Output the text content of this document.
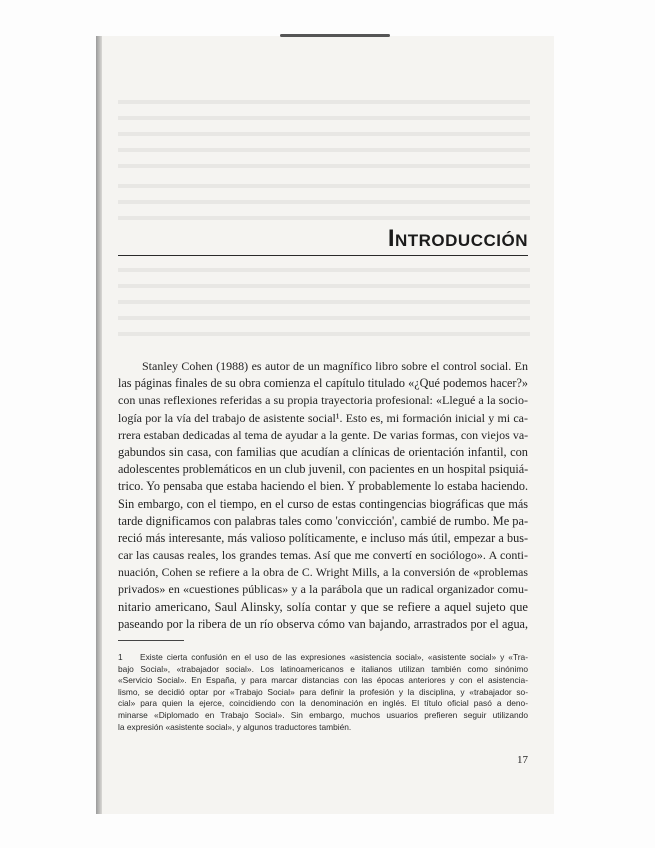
Introducción
Stanley Cohen (1988) es autor de un magnífico libro sobre el control social. En
las páginas finales de su obra comienza el capítulo titulado «¿Qué podemos hacer?»
con unas reflexiones referidas a su propia trayectoria profesional: «Llegué a la socio-
logía por la vía del trabajo de asistente social¹. Esto es, mi formación inicial y mi ca-
rrera estaban dedicadas al tema de ayudar a la gente. De varias formas, con viejos va-
gabundos sin casa, con familias que acudían a clínicas de orientación infantil, con
adolescentes problemáticos en un club juvenil, con pacientes en un hospital psiquiá-
trico. Yo pensaba que estaba haciendo el bien. Y probablemente lo estaba haciendo.
Sin embargo, con el tiempo, en el curso de estas contingencias biográficas que más
tarde dignificamos con palabras tales como 'convicción', cambié de rumbo. Me pa-
reció más interesante, más valioso políticamente, e incluso más útil, empezar a bus-
car las causas reales, los grandes temas. Así que me convertí en sociólogo». A conti-
nuación, Cohen se refiere a la obra de C. Wright Mills, a la conversión de «problemas
privados» en «cuestiones públicas» y a la parábola que un radical organizador comu-
nitario americano, Saul Alinsky, solía contar y que se refiere a aquel sujeto que
paseando por la ribera de un río observa cómo van bajando, arrastrados por el agua,
1 Existe cierta confusión en el uso de las expresiones «asistencia social», «asistente social» y «Tra-
bajo Social», «trabajador social». Los latinoamericanos e italianos utilizan también como sinónimo
«Servicio Social». En España, y para marcar distancias con las épocas anteriores y con el asistencia-
lismo, se decidió optar por «Trabajo Social» para definir la profesión y la disciplina, y «trabajador so-
cial» para quien la ejerce, coincidiendo con la denominación en inglés. El título oficial pasó a deno-
minarse «Diplomado en Trabajo Social». Sin embargo, muchos usuarios prefieren seguir utilizando
la expresión «asistente social», y algunos traductores también.
17
